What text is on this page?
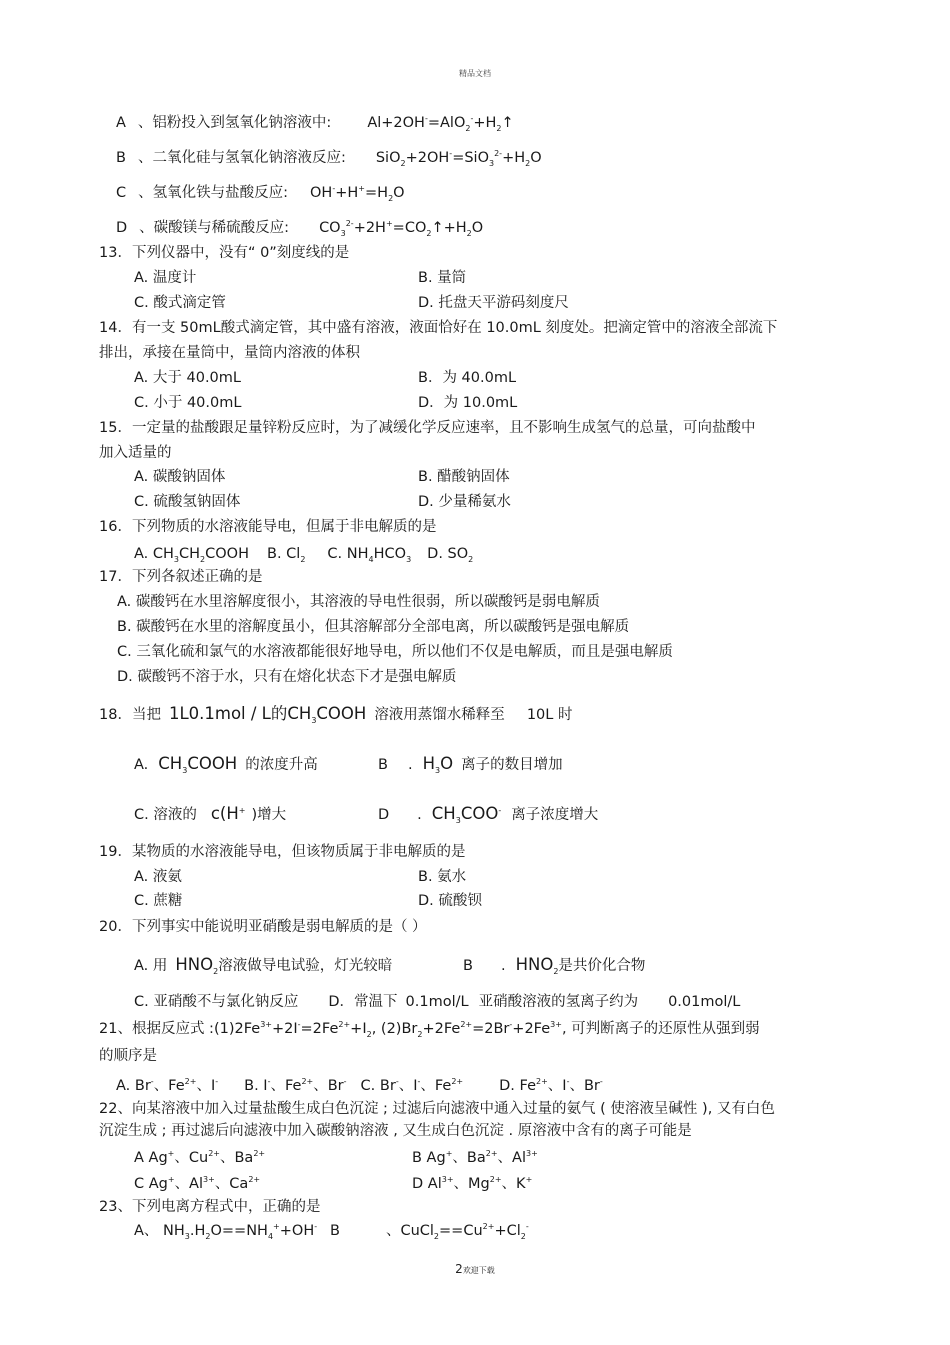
精品文档
A 、铝粉投入到氢氧化钠溶液中: $Al+2OH^-=AlO_2^-+H_2↑$
B 、二氧化硅与氢氧化钠溶液反应: $SiO_2+2OH^-=SiO_3^{2-}+H_2O$
C 、氢氧化铁与盐酸反应: $OH^-+H^+=H_2O$
D 、碳酸镁与稀硫酸反应: $CO_3^{2-}+2H^+=CO_2↑+H_2O$
13．下列仪器中，没有“ 0”刻度线的是
A. 温度计	B. 量筒
C. 酸式滴定管	D. 托盘天平游码刻度尺
14．有一支 50mL酸式滴定管，其中盛有溶液，液面恰好在 10.0mL 刻度处。把滴定管中的溶液全部流下
排出，承接在量筒中，量筒内溶液的体积
A. 大于 40.0mL	B．为 40.0mL
C. 小于 40.0mL	D．为 10.0mL
15．一定量的盐酸跟足量锌粉反应时，为了减缓化学反应速率，且不影响生成氢气的总量，可向盐酸中
加入适量的
A. 碳酸钠固体	B. 醋酸钠固体
C. 硫酸氢钠固体	D. 少量稀氨水
16．下列物质的水溶液能导电，但属于非电解质的是
A. $CH_3CH_2COOH$ B. $Cl_2$ C. $NH_4HCO_3$ D. $SO_2$
17．下列各叙述正确的是
A. 碳酸钙在水里溶解度很小，其溶液的导电性很弱，所以碳酸钙是弱电解质
B. 碳酸钙在水里的溶解度虽小，但其溶解部分全部电离，所以碳酸钙是强电解质
C. 三氧化硫和氯气的水溶液都能很好地导电，所以他们不仅是电解质，而且是强电解质
D. 碳酸钙不溶于水，只有在熔化状态下才是强电解质
18．当把 1L0.1mol / L的$CH_3COOH$ 溶液用蒸馏水稀释至 10L 时
A. $CH_3COOH$ 的浓度升高	B . $H_3O$ 离子的数目增加
C. 溶液的 c(H+ )增大	D . $CH_3COO^-$ 离子浓度增大
19．某物质的水溶液能导电，但该物质属于非电解质的是
A. 液氨	B. 氨水
C. 蔗糖	D. 硫酸钡
20．下列事实中能说明亚硝酸是弱电解质的是（ ）
A. 用 $HNO_2$溶液做导电试验，灯光较暗	B . $HNO_2$是共价化合物
C. 亚硝酸不与氯化钠反应 D．常温下 0.1mol/L 亚硝酸溶液的氢离子约为 0.01mol/L
21、根据反应式 $:(1)2Fe^{3+}+2I^-=2Fe^{2+}+I_2$, $(2)Br_2+2Fe^{2+}=2Br^-+2Fe^{3+}$, 可判断离子的还原性从强到弱
的顺序是
A. Br-、$Fe^{2+}$、I- B. I-、$Fe^{2+}$、Br- C. Br-、I-、$Fe^{2+}$ D. $Fe^{2+}$、I-、Br-
22、向某溶液中加入过量盐酸生成白色沉淀 ; 过滤后向滤液中通入过量的氨气 ( 使溶液呈碱性 ), 又有白色
沉淀生成 ; 再过滤后向滤液中加入碳酸钠溶液 , 又生成白色沉淀 . 原溶液中含有的离子可能是
A Ag+、$Cu^{2+}$、$Ba^{2+}$	B Ag+、$Ba^{2+}$、$Al^{3+}$
C Ag+、$Al^{3+}$、$Ca^{2+}$	D $Al^{3+}$、$Mg^{2+}$、K+
23、下列电离方程式中，正确的是
A、 $NH_3.H_2O==NH_4^++OH^-$ B	、$CuCl_2==Cu^{2+}+Cl_2^-$
2欢迎下载
